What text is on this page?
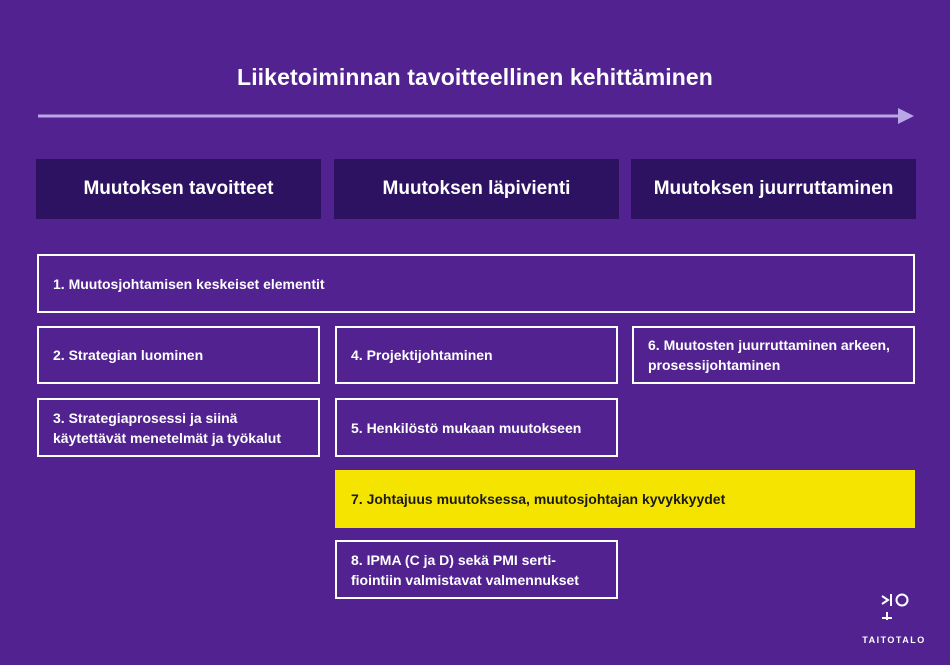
Liiketoiminnan tavoitteellinen kehittäminen
Muutoksen tavoitteet	Muutoksen läpivienti	Muutoksen juurruttaminen
1. Muutosjohtamisen keskeiset elementit
2. Strategian luominen
3. Strategiaprosessi ja siinä käytettävät menetelmät ja työkalut
4. Projektijohtaminen
5. Henkilöstö mukaan muutokseen
6. Muutosten juurruttaminen arkeen, prosessijohtaminen
7. Johtajuus muutoksessa, muutosjohtajan kyvykkyydet
8. IPMA (C ja D) sekä PMI serti-fiointiin valmistavat valmennukset
TAITOTALO
